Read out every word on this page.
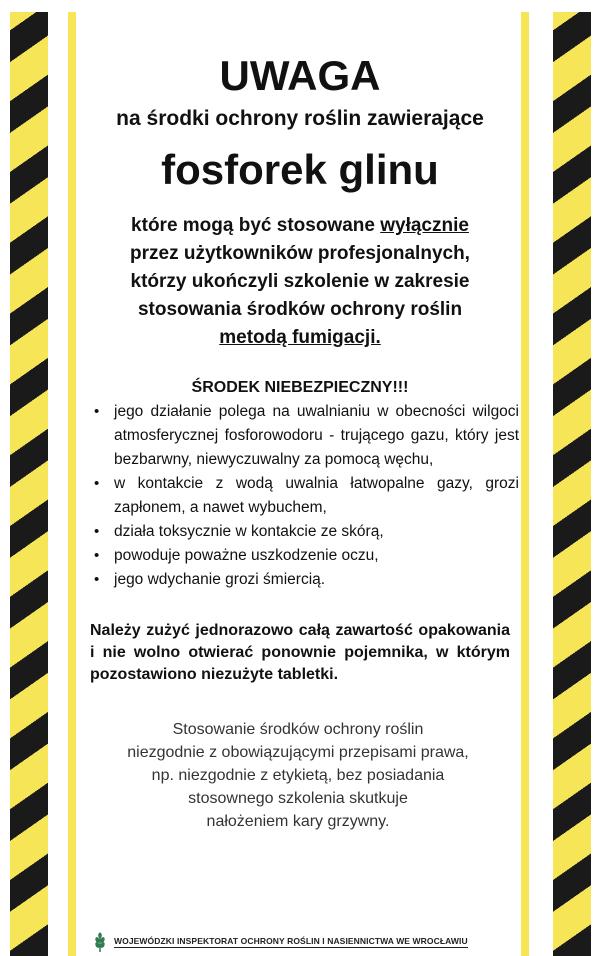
UWAGA
na środki ochrony roślin zawierające
fosforek glinu
które mogą być stosowane wyłącznie
przez użytkowników profesjonalnych,
którzy ukończyli szkolenie w zakresie
stosowania środków ochrony roślin
metodą fumigacji.
ŚRODEK NIEBEZPIECZNY!!!
• jego działanie polega na uwalnianiu w obecności wilgoci atmosferycznej fosforowodoru - trującego gazu, który jest bezbarwny, niewyczuwalny za pomocą węchu,
• w kontakcie z wodą uwalnia łatwopalne gazy, grozi zapłonem, a nawet wybuchem,
• działa toksycznie w kontakcie ze skórą,
• powoduje poważne uszkodzenie oczu,
• jego wdychanie grozi śmiercią.
Należy zużyć jednorazowo całą zawartość opakowania i nie wolno otwierać ponownie pojemnika, w którym pozostawiono niezużyte tabletki.
Stosowanie środków ochrony roślin
niezgodnie z obowiązującymi przepisami prawa,
np. niezgodnie z etykietą, bez posiadania
stosownego szkolenia skutkuje
nałożeniem kary grzywny.
WOJEWÓDZKI INSPEKTORAT OCHRONY ROŚLIN I NASIENNICTWA WE WROCŁAWIU
